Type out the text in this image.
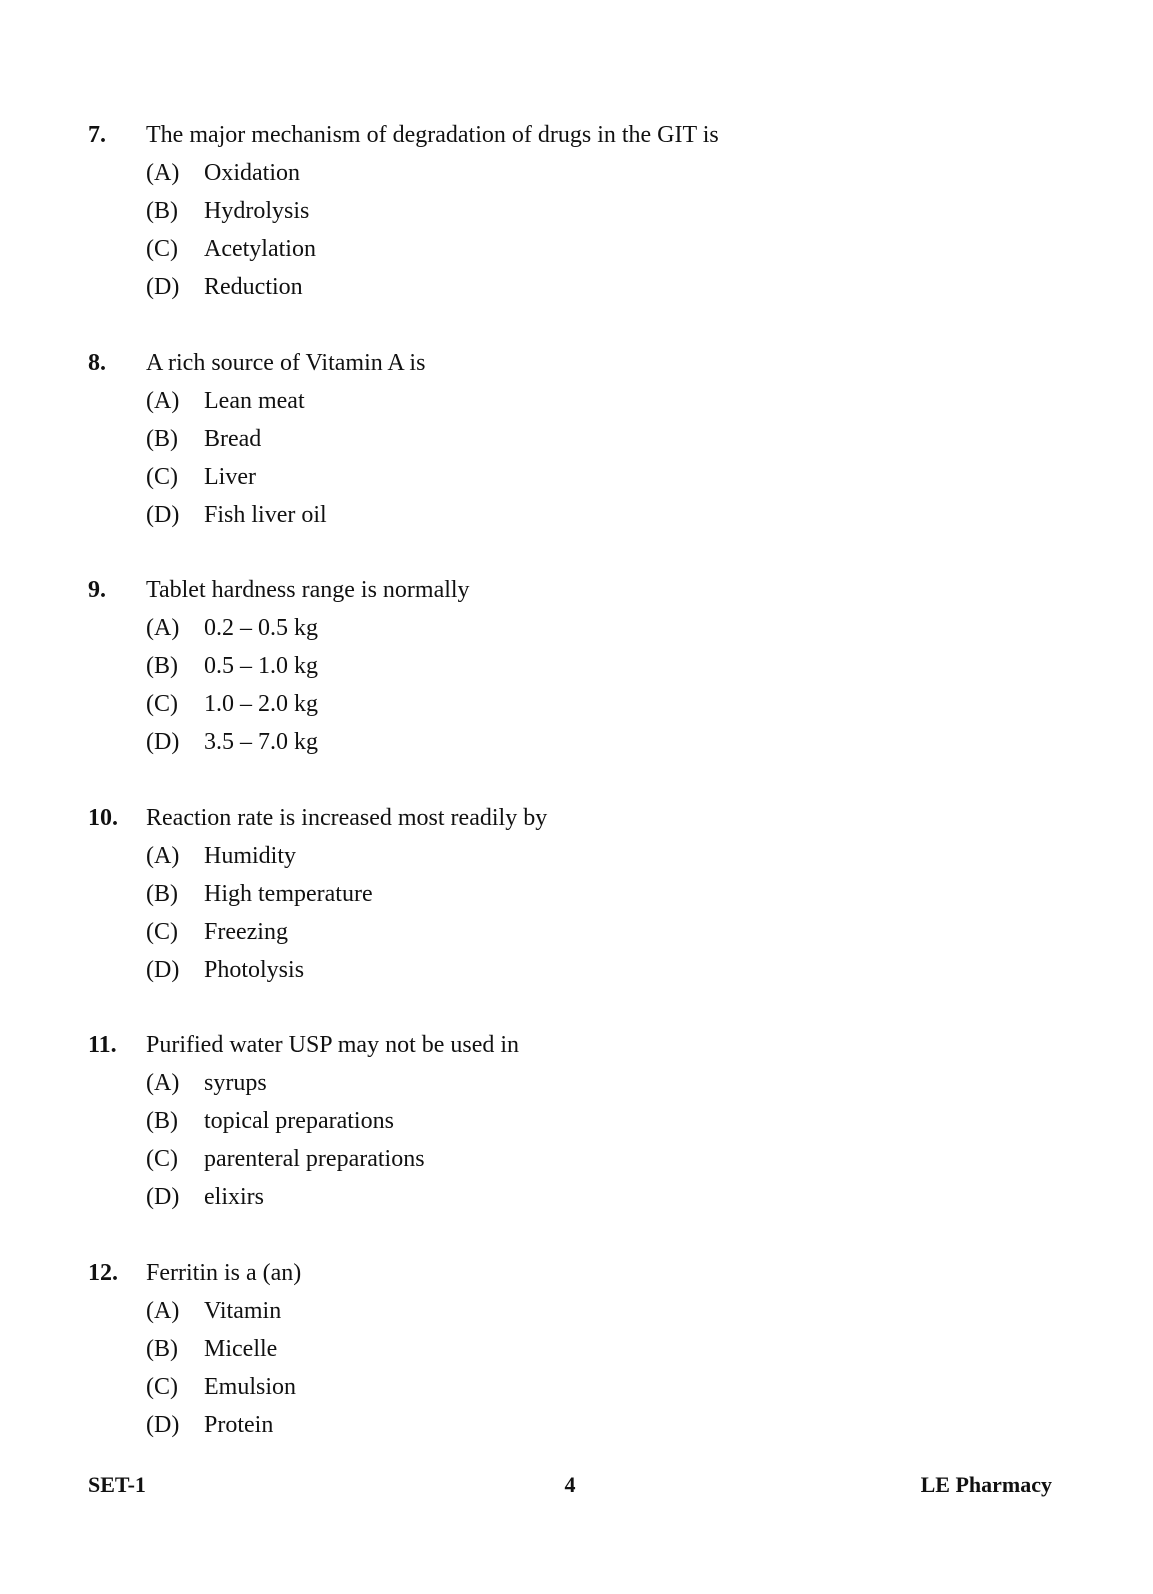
7.	The major mechanism of degradation of drugs in the GIT is
(A)	Oxidation
(B)	Hydrolysis
(C)	Acetylation
(D)	Reduction
8.	A rich source of Vitamin A is
(A)	Lean meat
(B)	Bread
(C)	Liver
(D)	Fish liver oil
9.	Tablet hardness range is normally
(A)	0.2 – 0.5 kg
(B)	0.5 – 1.0 kg
(C)	1.0 – 2.0 kg
(D)	3.5 – 7.0 kg
10.	Reaction rate is increased most readily by
(A)	Humidity
(B)	High temperature
(C)	Freezing
(D)	Photolysis
11.	Purified water USP may not be used in
(A)	syrups
(B)	topical preparations
(C)	parenteral preparations
(D)	elixirs
12.	Ferritin is a (an)
(A)	Vitamin
(B)	Micelle
(C)	Emulsion
(D)	Protein
SET-1	4	LE Pharmacy
